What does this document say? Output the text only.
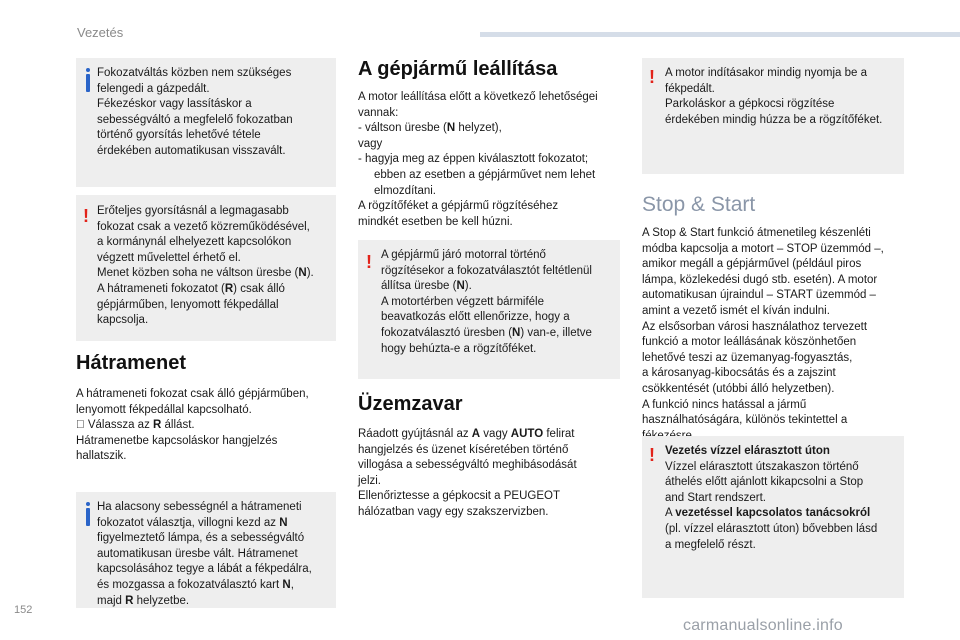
Vezetés

Fokozatváltás közben nem szükséges

felengedi a gázpedált.

Fékezéskor vagy lassításkor a

sebességváltó a megfelelő fokozatban

történő gyorsítás lehetővé tétele

érdekében automatikusan visszavált.

! Erőteljes gyorsításnál a legmagasabb

fokozat csak a vezető közreműködésével,

a kormánynál elhelyezett kapcsolókon

végzett művelettel érhető el.

Menet közben soha ne váltson üresbe (N).

A hátrameneti fokozatot (R) csak álló

gépjárműben, lenyomott fékpedállal

kapcsolja.

Hátramenet

A hátrameneti fokozat csak álló gépjárműben,

lenyomott fékpedállal kapcsolható.

Válassza az R állást.

Hátramenetbe kapcsoláskor hangjelzés

hallatszik.

Ha alacsony sebességnél a hátrameneti

fokozatot választja, villogni kezd az N

figyelmeztető lámpa, és a sebességváltó

automatikusan üresbe vált. Hátramenet

kapcsolásához tegye a lábát a fékpedálra,

és mozgassa a fokozatválasztó kart N,

majd R helyzetbe.

A gépjármű leállítása

A motor leállítása előtt a következő lehetőségei

vannak:

- váltson üresbe (N helyzet),

vagy

- hagyja meg az éppen kiválasztott fokozatot;

ebben az esetben a gépjárművet nem lehet

elmozdítani.

A rögzítőféket a gépjármű rögzítéséhez

mindkét esetben be kell húzni.

! A gépjármű járó motorral történő

rögzítésekor a fokozatválasztót feltétlenül

állítsa üresbe (N).

A motortérben végzett bármiféle

beavatkozás előtt ellenőrizze, hogy a

fokozatválasztó üresben (N) van-e, illetve

hogy behúzta-e a rögzítőféket.

Üzemzavar

Ráadott gyújtásnál az A vagy AUTO felirat

hangjelzés és üzenet kíséretében történő

villogása a sebességváltó meghibásodását

jelzi.

Ellenőriztesse a gépkocsit a PEUGEOT

hálózatban vagy egy szakszervizben.

! A motor indításakor mindig nyomja be a

fékpedált.

Parkoláskor a gépkocsi rögzítése

érdekében mindig húzza be a rögzítőféket.

Stop & Start

A Stop & Start funkció átmenetileg készenléti

módba kapcsolja a motort – STOP üzemmód –,

amikor megáll a gépjárművel (például piros

lámpa, közlekedési dugó stb. esetén). A motor

automatikusan újraindul – START üzemmód –

amint a vezető ismét el kíván indulni.

Az elsősorban városi használathoz tervezett

funkció a motor leállásának köszönhetően

lehetővé teszi az üzemanyag-fogyasztás,

a károsanyag-kibocsátás és a zajszint

csökkentését (utóbbi álló helyzetben).

A funkció nincs hatással a jármű

használhatóságára, különös tekintettel a

! Vezetés vízzel elárasztott úton

Vízzel elárasztott útszakaszon történő

áthelés előtt ajánlott kikapcsolni a Stop

and Start rendszert.

A vezetéssel kapcsolatos tanácsokról

(pl. vízzel elárasztott úton) bővebben lásd

a megfelelő részt.

152
carmanualsonline.info
